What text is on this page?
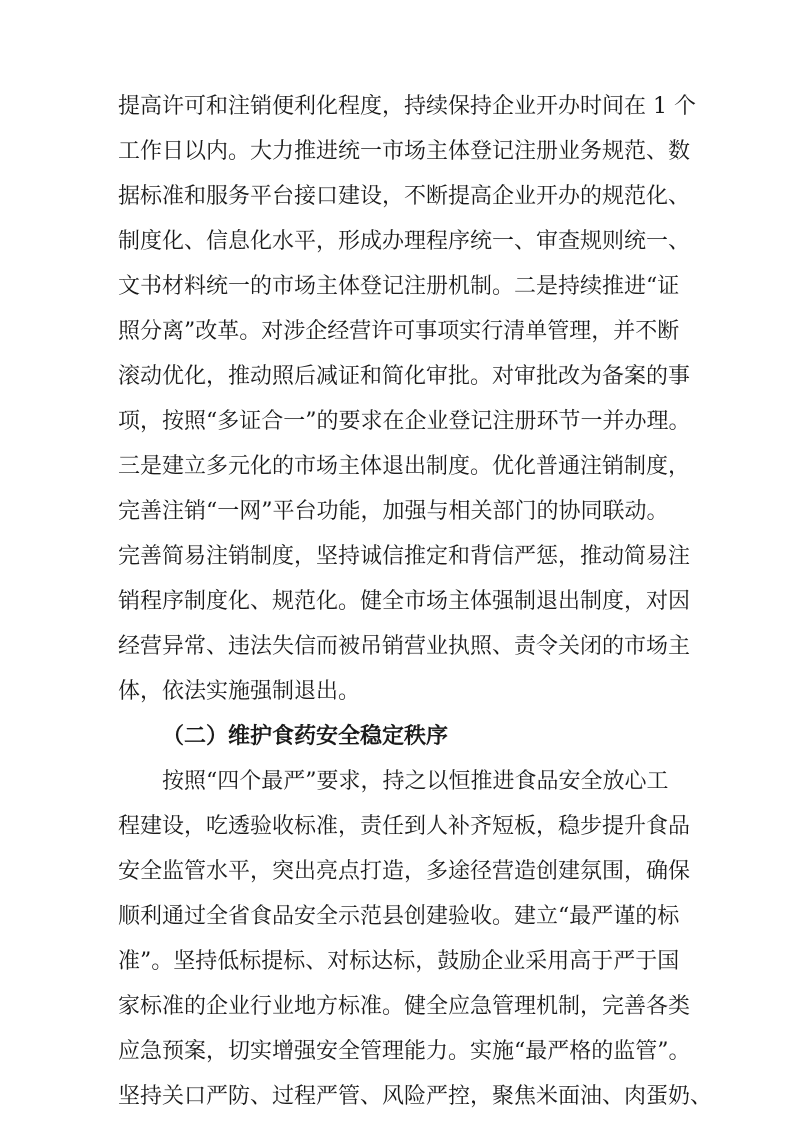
提高许可和注销便利化程度，持续保持企业开办时间在 1 个
工作日以内。大力推进统一市场主体登记注册业务规范、数
据标准和服务平台接口建设，不断提高企业开办的规范化、
制度化、信息化水平，形成办理程序统一、审查规则统一、
文书材料统一的市场主体登记注册机制。二是持续推进“证
照分离”改革。对涉企经营许可事项实行清单管理，并不断
滚动优化，推动照后减证和简化审批。对审批改为备案的事
项，按照“多证合一”的要求在企业登记注册环节一并办理。
三是建立多元化的市场主体退出制度。优化普通注销制度，
完善注销“一网”平台功能，加强与相关部门的协同联动。
完善简易注销制度，坚持诚信推定和背信严惩，推动简易注
销程序制度化、规范化。健全市场主体强制退出制度，对因
经营异常、违法失信而被吊销营业执照、责令关闭的市场主
体，依法实施强制退出。
（二）维护食药安全稳定秩序
按照“四个最严”要求，持之以恒推进食品安全放心工
程建设，吃透验收标准，责任到人补齐短板，稳步提升食品
安全监管水平，突出亮点打造，多途径营造创建氛围，确保
顺利通过全省食品安全示范县创建验收。建立“最严谨的标
准”。坚持低标提标、对标达标，鼓励企业采用高于严于国
家标准的企业行业地方标准。健全应急管理机制，完善各类
应急预案，切实增强安全管理能力。实施“最严格的监管”。
坚持关口严防、过程严管、风险严控，聚焦米面油、肉蛋奶、
